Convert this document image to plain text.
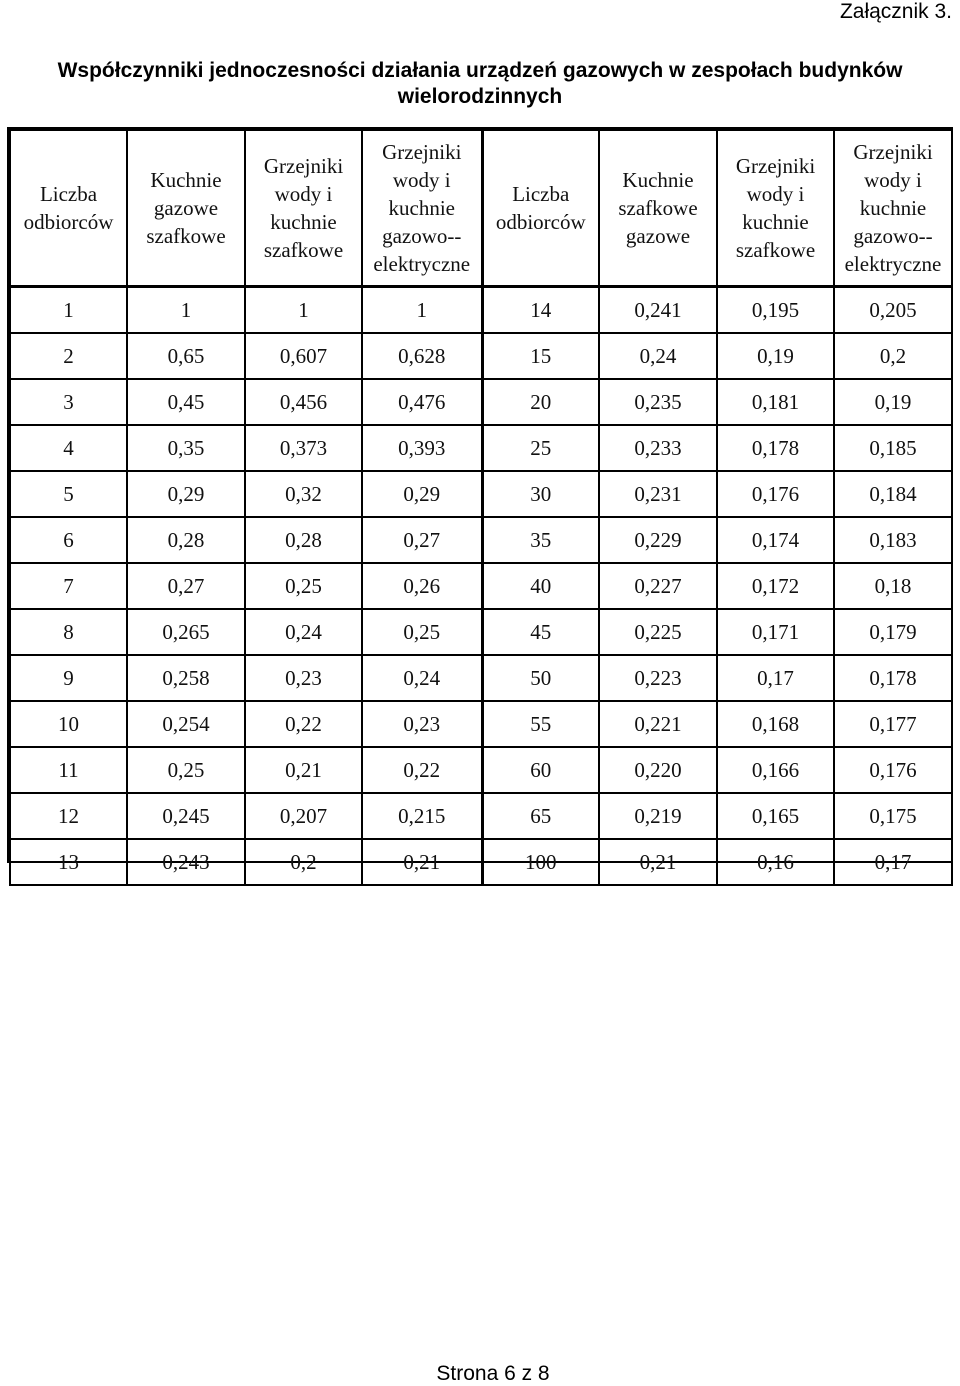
Załącznik 3.
Współczynniki jednoczesności działania urządzeń gazowych w zespołach budynków wielorodzinnych
Liczba odbiorców	Kuchnie gazowe szafkowe	Grzejniki wody i kuchnie szafkowe	Grzejniki wody i kuchnie gazowo--elektryczne	Liczba odbiorców	Kuchnie szafkowe gazowe	Grzejniki wody i kuchnie szafkowe	Grzejniki wody i kuchnie gazowo--elektryczne
1	1	1	1	14	0,241	0,195	0,205
2	0,65	0,607	0,628	15	0,24	0,19	0,2
3	0,45	0,456	0,476	20	0,235	0,181	0,19
4	0,35	0,373	0,393	25	0,233	0,178	0,185
5	0,29	0,32	0,29	30	0,231	0,176	0,184
6	0,28	0,28	0,27	35	0,229	0,174	0,183
7	0,27	0,25	0,26	40	0,227	0,172	0,18
8	0,265	0,24	0,25	45	0,225	0,171	0,179
9	0,258	0,23	0,24	50	0,223	0,17	0,178
10	0,254	0,22	0,23	55	0,221	0,168	0,177
11	0,25	0,21	0,22	60	0,220	0,166	0,176
12	0,245	0,207	0,215	65	0,219	0,165	0,175
13	0,243	0,2	0,21	100	0,21	0,16	0,17
Strona 6 z 8
